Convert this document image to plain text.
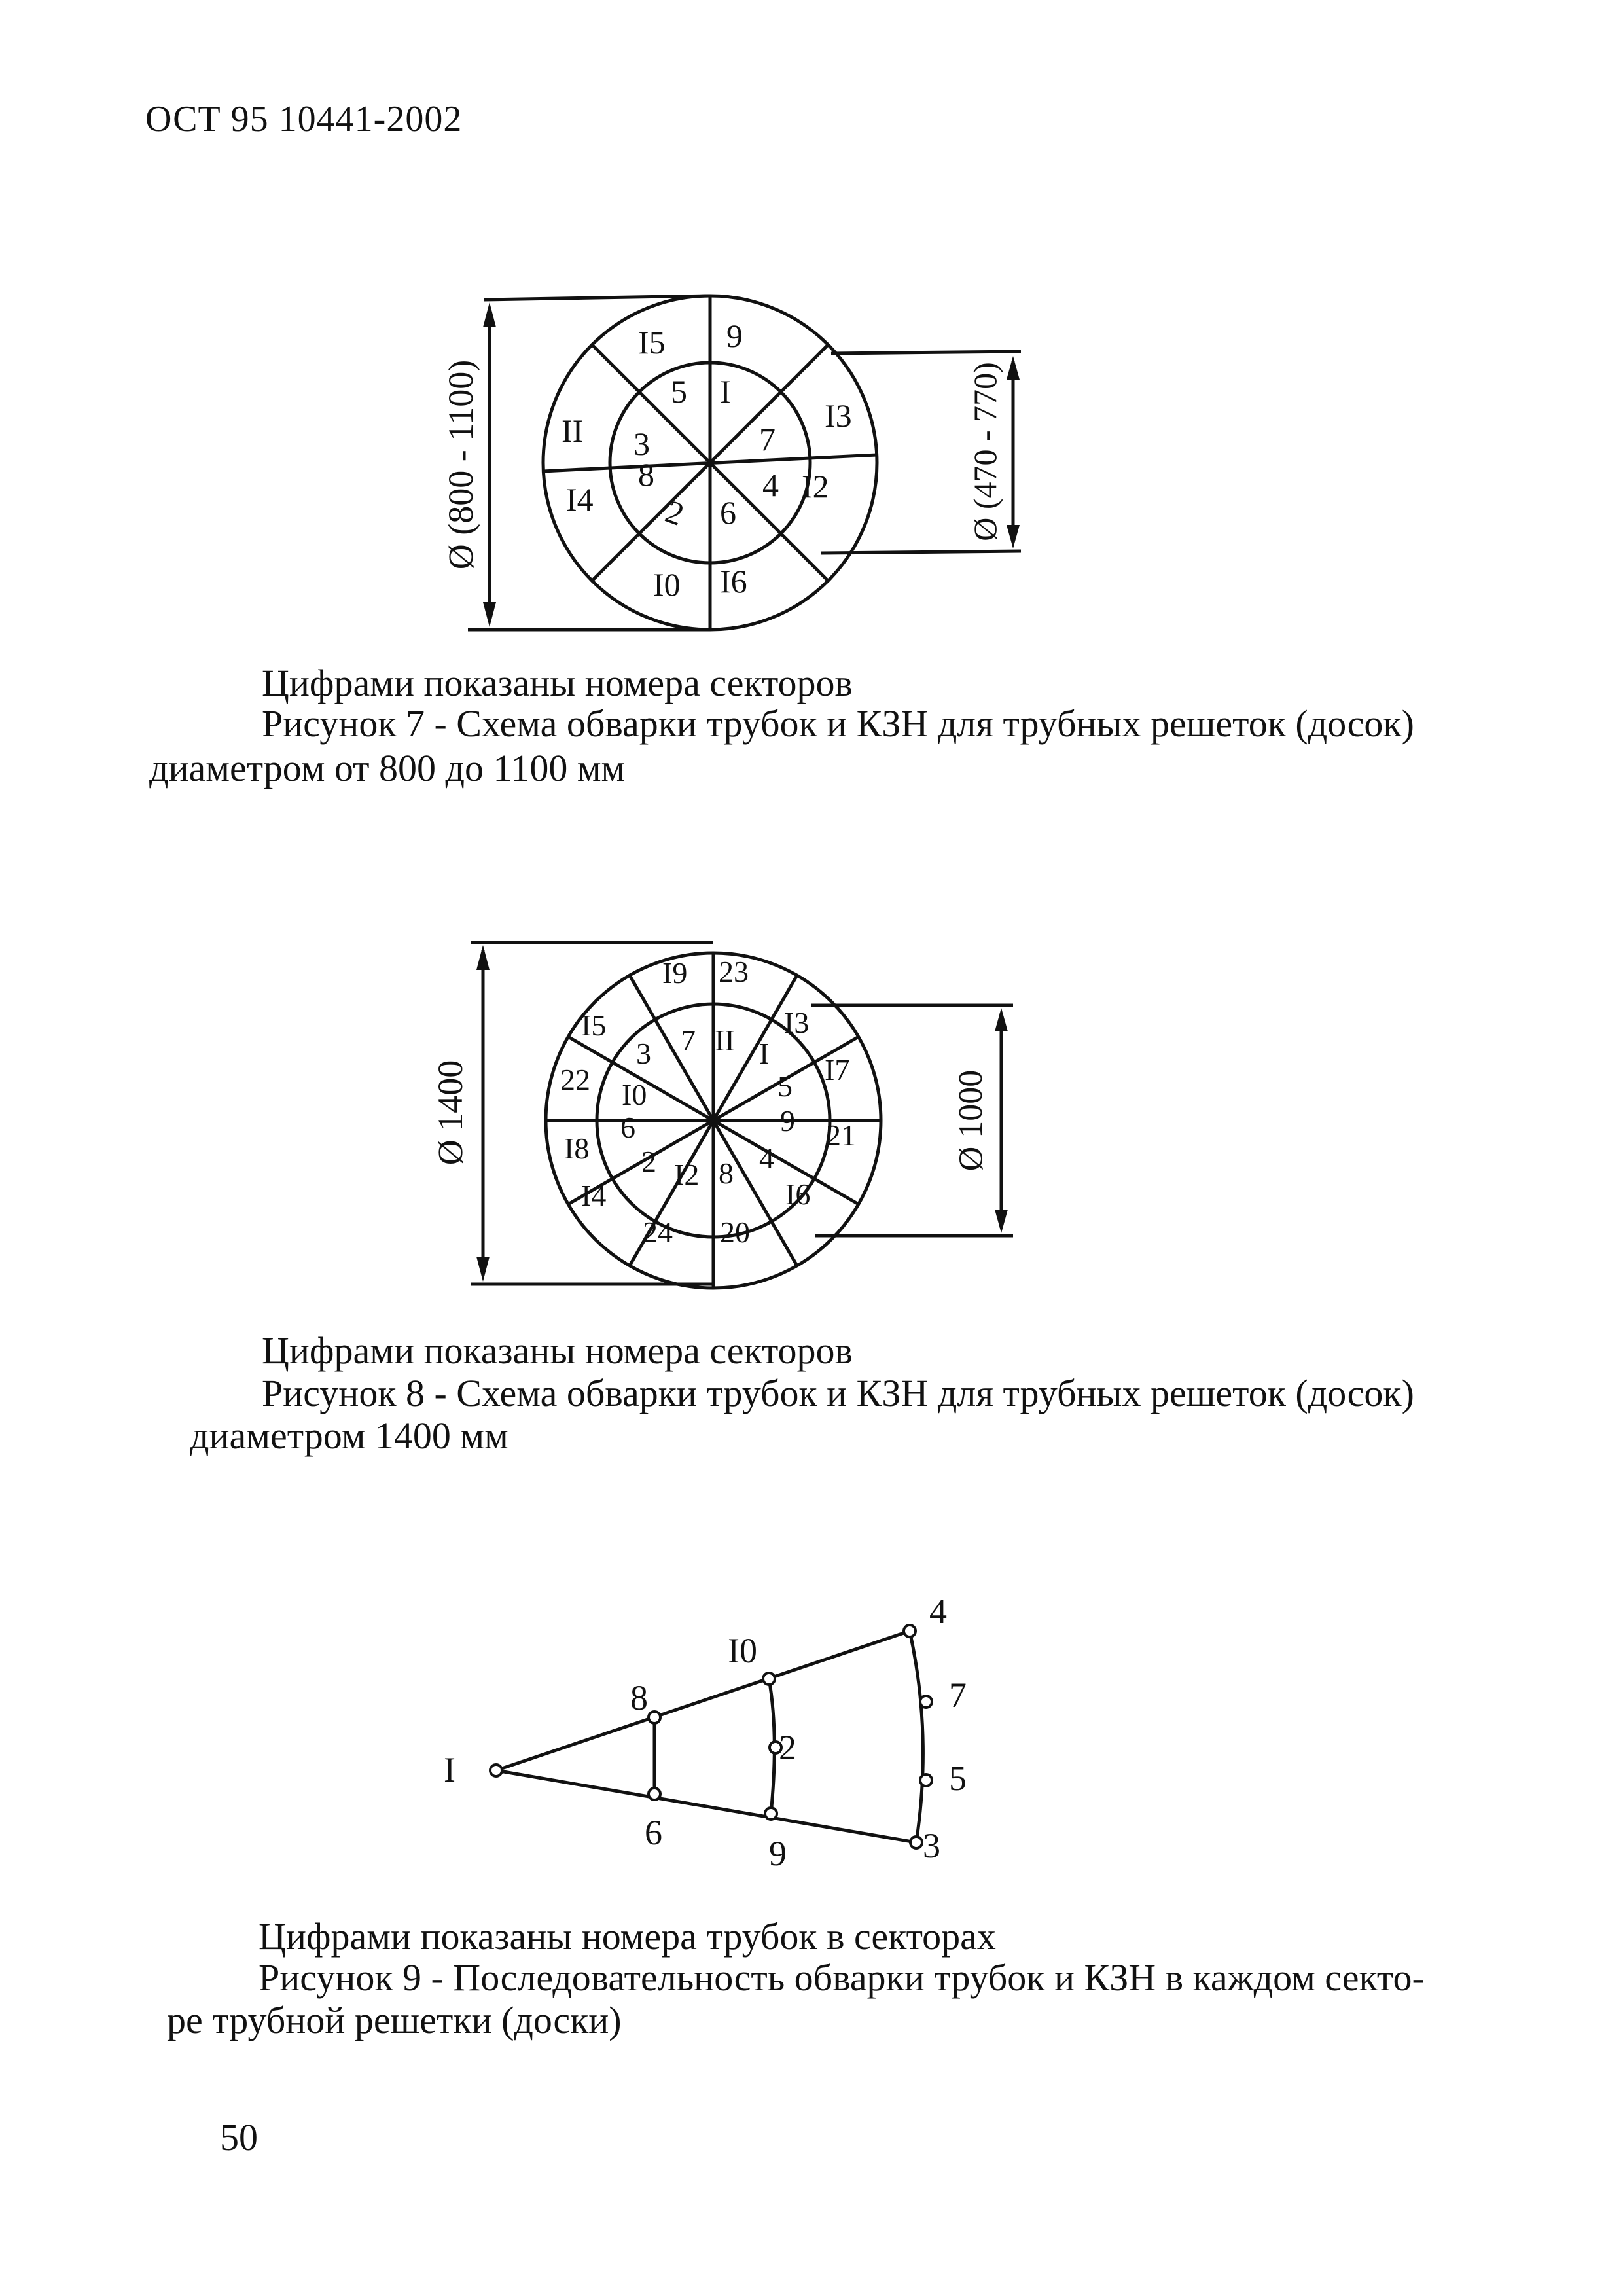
ОСТ 95 10441-2002
I5 9
5 I
II 3	7
I3
8
I4 2 6
4 I2
I0 I6
Ø (800 - 1100)	Ø (470 - 770)
Цифрами показаны номера секторов
Рисунок 7 - Схема обварки трубок и КЗН для трубных решеток (досок)
диаметром от 800 до 1100 мм
I9 23
I5	I3
3 7 II I
22 I0	5 I7
6	9 21
I8 2 I2 8 4
I6
I4
24 20
Ø 1400	Ø 1000
Цифрами показаны номера секторов
Рисунок 8 - Схема обварки трубок и КЗН для трубных решеток (досок)
диаметром 1400 мм
I
8
6
I0
2
9
4
7
5
3
Цифрами показаны номера трубок в секторах
Рисунок 9 - Последовательность обварки трубок и КЗН в каждом секто-
ре трубной решетки (доски)
50
